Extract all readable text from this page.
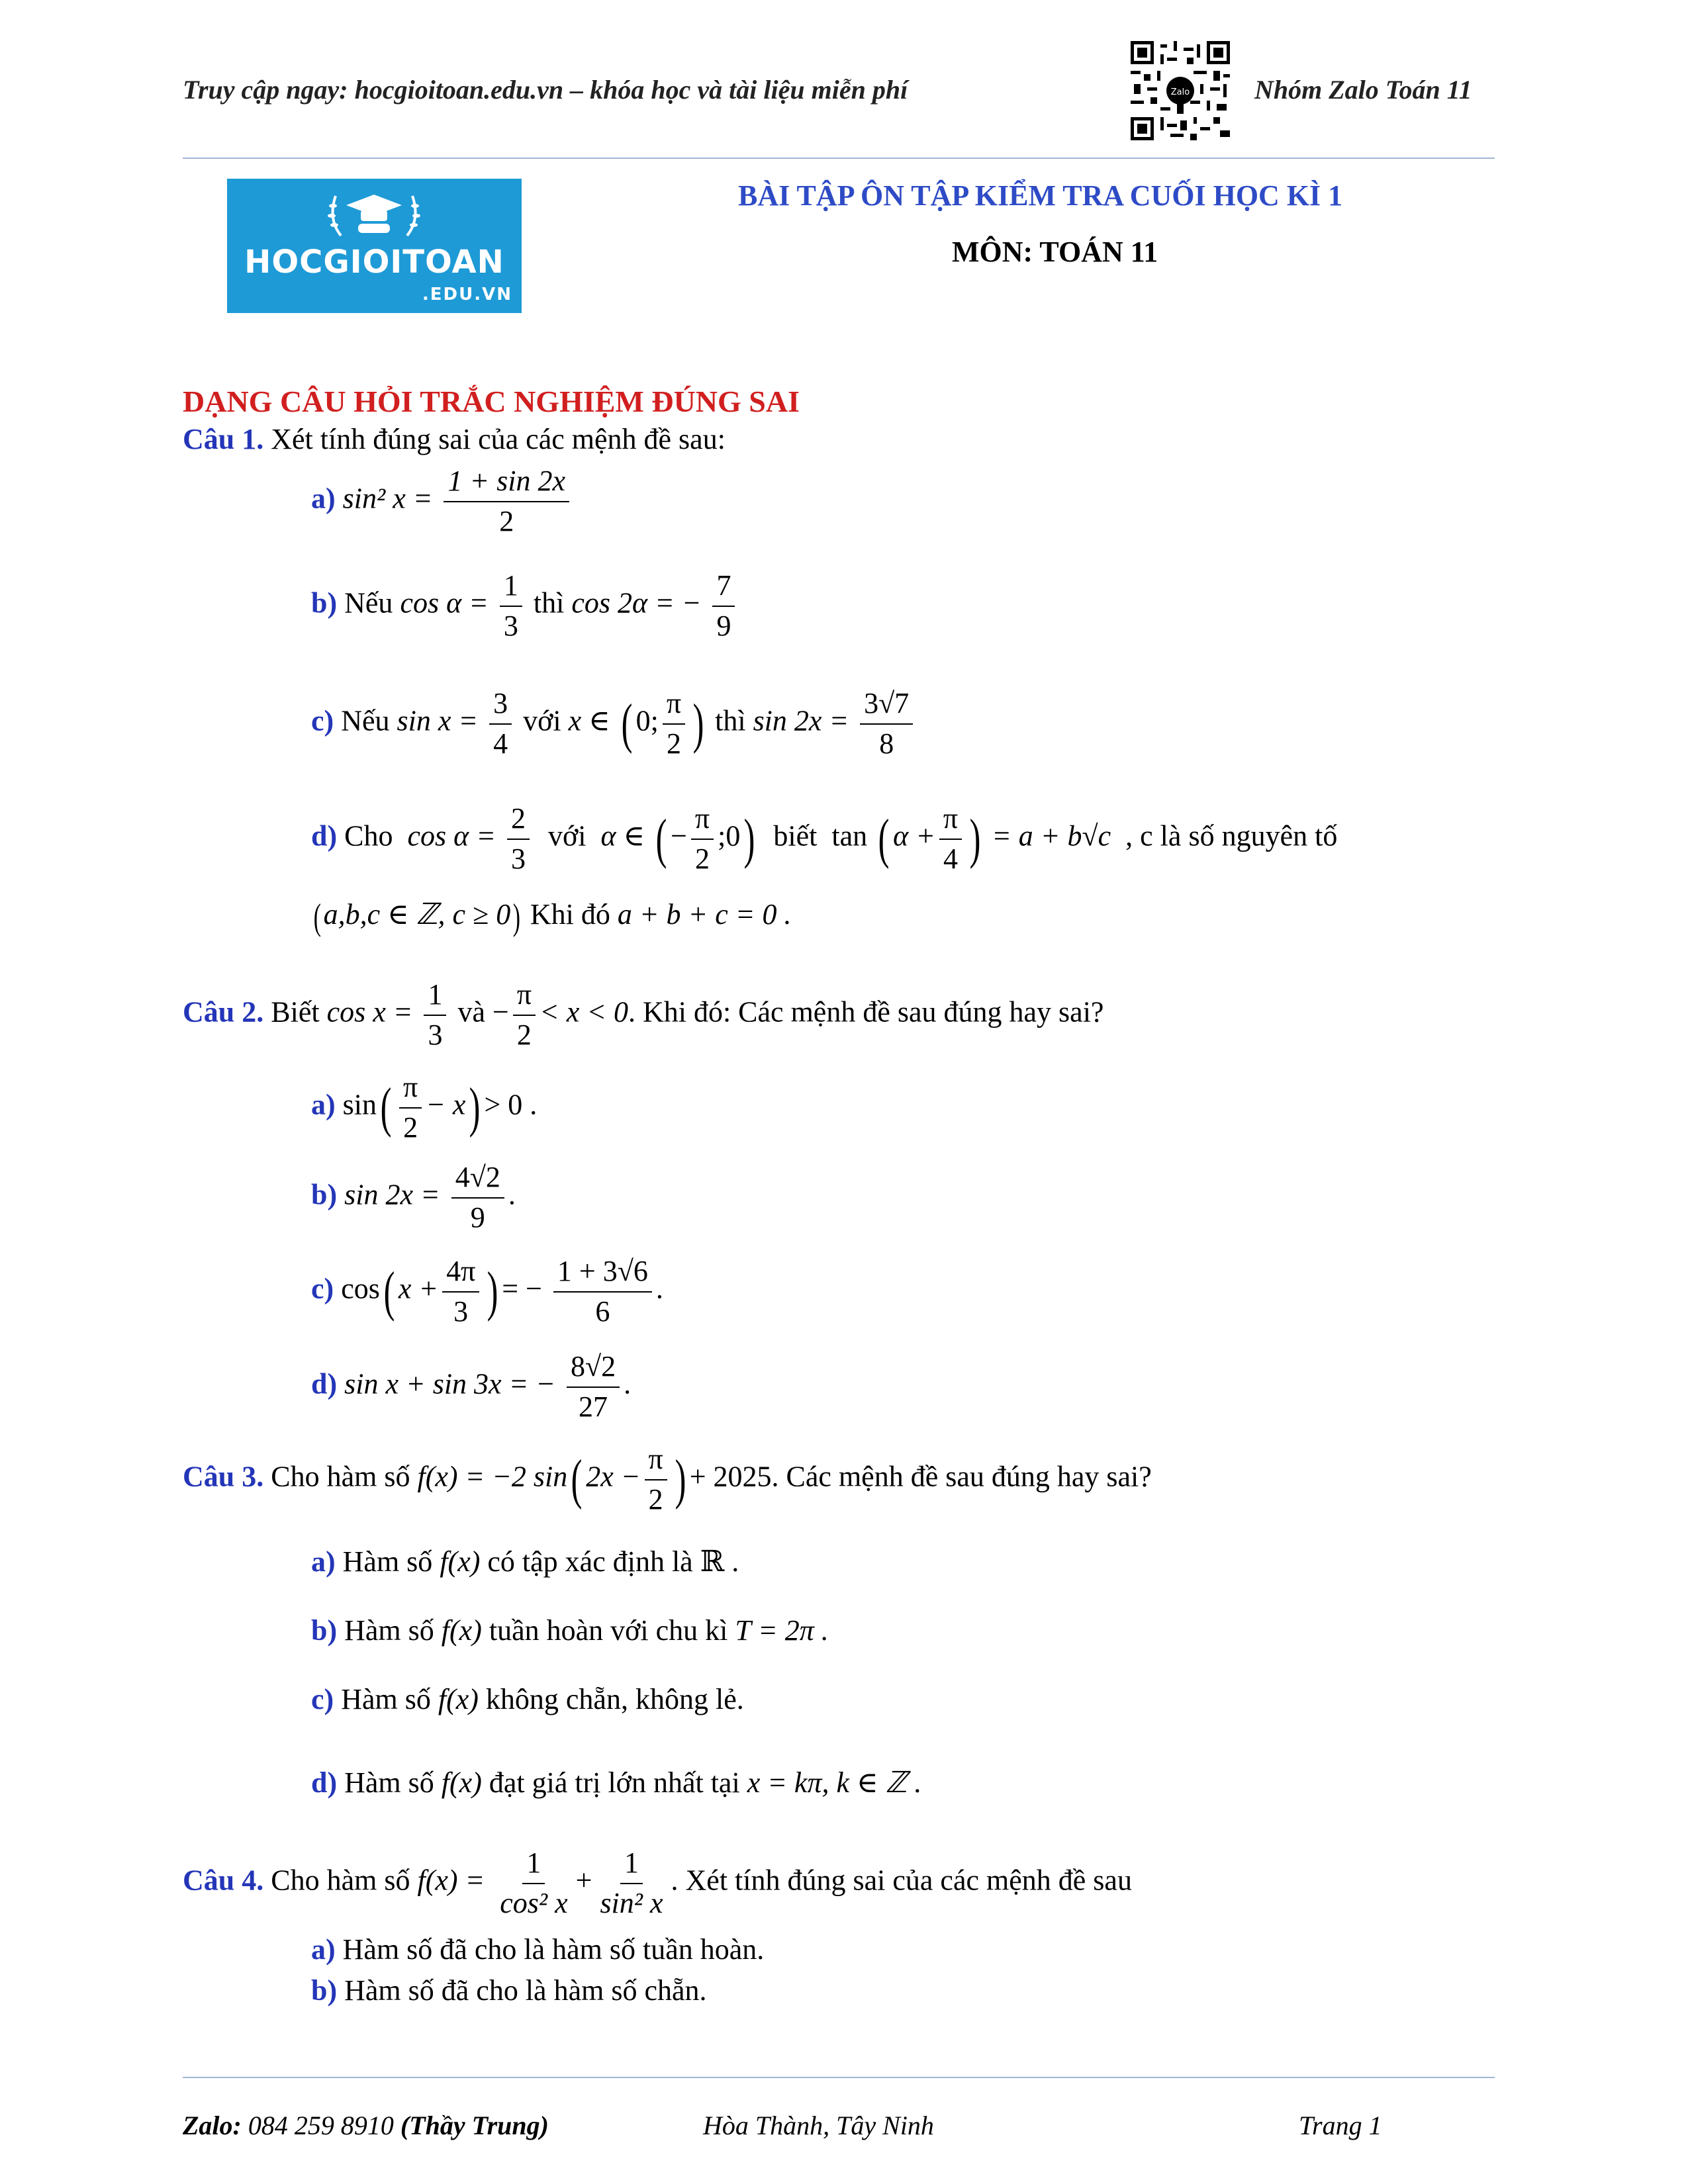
Truy cập ngay: hocgioitoan.edu.vn – khóa học và tài liệu miễn phí	Zalo Nhóm Zalo Toán 11
HOCGIOITOAN
.EDU.VN
BÀI TẬP ÔN TẬP KIỂM TRA CUỐI HỌC KÌ 1
MÔN: TOÁN 11
DẠNG CÂU HỎI TRẮC NGHIỆM ĐÚNG SAI
Câu 1. Xét tính đúng sai của các mệnh đề sau:
a) sin² $x = \frac{1 + \sin 2x}{2}$
b) Nếu $\cos \alpha = \frac{1}{3}$ thì cos 2α = − $\frac{7}{9}$
c) Nếu $\sin x = \frac{3}{4}$ với x ∈ ( 0; $\frac{\pi}{2}$ ) thì $\sin 2x = \frac{3√7}{8}$
d) Cho $\cos \alpha = \frac{2}{3}$ với α ∈ ( − $\frac{\pi}{2}$ ;0) biết tan ( $\alpha + \frac{\pi}{4}$ ) = a + b√c , c là số nguyên tố
(a,b,c ∈ ℤ, c ≥ 0) Khi đó a + b + c = 0 .
Câu 2. Biết $\cos x = \frac{1}{3}$ và − $\frac{\pi}{2} < x < 0$. Khi đó: Các mệnh đề sau đúng hay sai?
a) $\sin( \frac{\pi}{2} - x) > 0$ .
b) $\sin 2x = \frac{4√2}{9}$ .
c) cos( $x + \frac{4\pi}{3}$ ) = − $\frac{1 + 3√6}{6}$ .
d) sin x + sin 3x = − $\frac{8√2}{27}$ .
Câu 3. Cho hàm số f(x) = −2 sin( $2x - \frac{\pi}{2}$ ) + 2025. Các mệnh đề sau đúng hay sai?
a) Hàm số f(x) có tập xác định là ℝ .
b) Hàm số f(x) tuần hoàn với chu kì T = 2π .
c) Hàm số f(x) không chẵn, không lẻ.
d) Hàm số f(x) đạt giá trị lớn nhất tại x = kπ, k ∈ ℤ .
Câu 4. Cho hàm số $f(x) = \frac{1}{\text{cos² x}} + \frac{1}{\text{sin² x}}$ . Xét tính đúng sai của các mệnh đề sau
a) Hàm số đã cho là hàm số tuần hoàn.
b) Hàm số đã cho là hàm số chẵn.
Zalo: 084 259 8910 (Thầy Trung)	Hòa Thành, Tây Ninh	Trang 1
